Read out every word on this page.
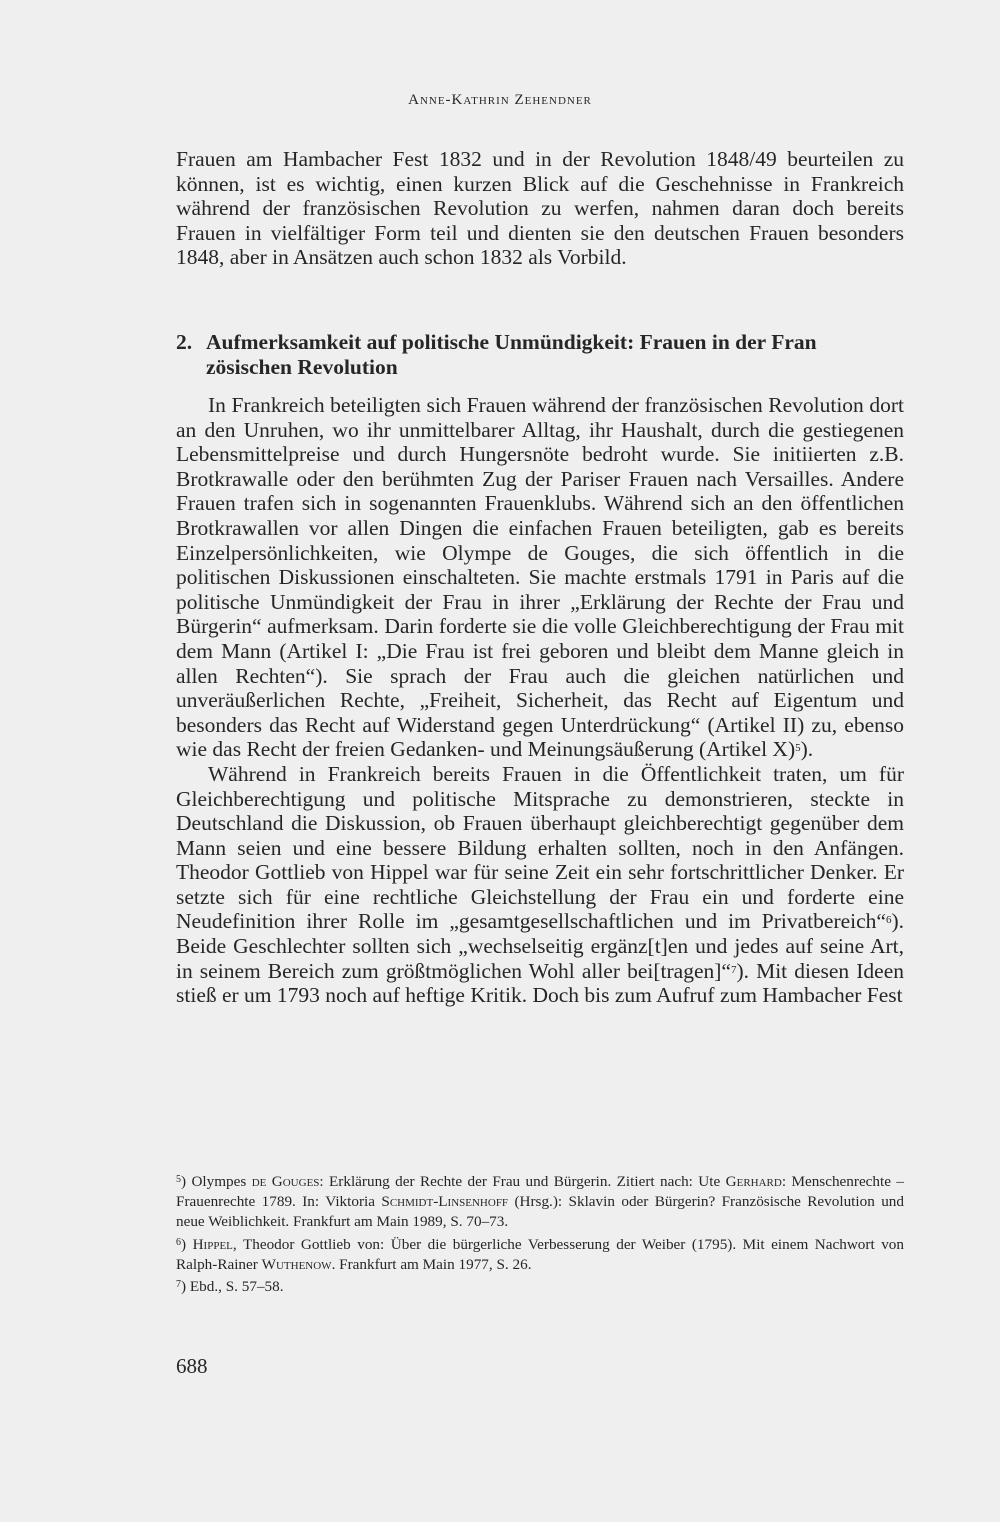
Anne-Kathrin Zehendner

Frauen am Hambacher Fest 1832 und in der Revolution 1848/49 beurteilen zu können, ist es wichtig, einen kurzen Blick auf die Geschehnisse in Frankreich während der französischen Revolution zu werfen, nahmen daran doch bereits Frauen in vielfältiger Form teil und dienten sie den deutschen Frauen besonders 1848, aber in Ansätzen auch schon 1832 als Vorbild.

2. Aufmerksamkeit auf politische Unmündigkeit: Frauen in der Fran
zösischen Revolution

In Frankreich beteiligten sich Frauen während der französischen Revolution dort an den Unruhen, wo ihr unmittelbarer Alltag, ihr Haushalt, durch die gestiegenen Lebensmittelpreise und durch Hungersnöte bedroht wurde. Sie initiierten z.B. Brotkrawalle oder den berühmten Zug der Pariser Frauen nach Versailles. Andere Frauen trafen sich in sogenannten Frauenklubs. Während sich an den öffentlichen Brotkrawallen vor allen Dingen die einfachen Frauen beteiligten, gab es bereits Einzelpersönlichkeiten, wie Olympe de Gouges, die sich öffentlich in die politischen Diskussionen einschalteten. Sie machte erstmals 1791 in Paris auf die politische Unmündigkeit der Frau in ihrer „Erklärung der Rechte der Frau und Bürgerin“ aufmerksam. Darin forderte sie die volle Gleichberechtigung der Frau mit dem Mann (Artikel I: „Die Frau ist frei geboren und bleibt dem Manne gleich in allen Rechten“). Sie sprach der Frau auch die gleichen natürlichen und unveräußerlichen Rechte, „Freiheit, Sicherheit, das Recht auf Eigentum und besonders das Recht auf Widerstand gegen Unterdrückung“ (Artikel II) zu, ebenso wie das Recht der freien Gedanken- und Meinungsäußerung (Artikel X)$^5$).

Während in Frankreich bereits Frauen in die Öffentlichkeit traten, um für Gleichberechtigung und politische Mitsprache zu demonstrieren, steckte in Deutschland die Diskussion, ob Frauen überhaupt gleichberechtigt gegenüber dem Mann seien und eine bessere Bildung erhalten sollten, noch in den Anfängen. Theodor Gottlieb von Hippel war für seine Zeit ein sehr fortschrittlicher Denker. Er setzte sich für eine rechtliche Gleichstellung der Frau ein und forderte eine Neudefinition ihrer Rolle im „gesamtgesellschaftlichen und im Privatbereich“$^6$). Beide Geschlechter sollten sich „wechselseitig ergänz[t]en und jedes auf seine Art, in seinem Bereich zum größtmöglichen Wohl aller bei[tragen]“$^7$). Mit diesen Ideen stieß er um 1793 noch auf heftige Kritik. Doch bis zum Aufruf zum Hambacher Fest

$^5$) Olympes de Gouges: Erklärung der Rechte der Frau und Bürgerin. Zitiert nach: Ute Gerhard: Menschenrechte – Frauenrechte 1789. In: Viktoria Schmidt-Linsenhoff (Hrsg.): Sklavin oder Bürgerin? Französische Revolution und neue Weiblichkeit. Frankfurt am Main 1989, S. 70–73.

$^6$) Hippel, Theodor Gottlieb von: Über die bürgerliche Verbesserung der Weiber (1795). Mit einem Nachwort von Ralph-Rainer Wuthenow. Frankfurt am Main 1977, S. 26.

$^7$) Ebd., S. 57–58.

688
